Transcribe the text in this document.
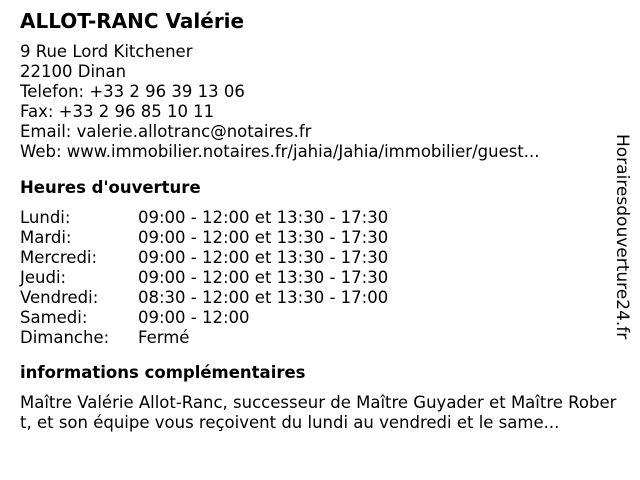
ALLOT-RANC Valérie
9 Rue Lord Kitchener
22100 Dinan
Telefon: +33 2 96 39 13 06
Fax: +33 2 96 85 10 11
Email: valerie.allotranc@notaires.fr
Web: www.immobilier.notaires.fr/jahia/Jahia/immobilier/guest...
Heures d'ouverture
Lundi:	09:00 - 12:00 et 13:30 - 17:30
Mardi:	09:00 - 12:00 et 13:30 - 17:30
Mercredi:	09:00 - 12:00 et 13:30 - 17:30
Jeudi:	09:00 - 12:00 et 13:30 - 17:30
Vendredi:	08:30 - 12:00 et 13:30 - 17:00
Samedi:	09:00 - 12:00
Dimanche:	Fermé
informations complémentaires
Maître Valérie Allot-Ranc, successeur de Maître Guyader et Maître Robert, et son équipe vous reçoivent du lundi au vendredi et le same...
Horairesdouverture24.fr
